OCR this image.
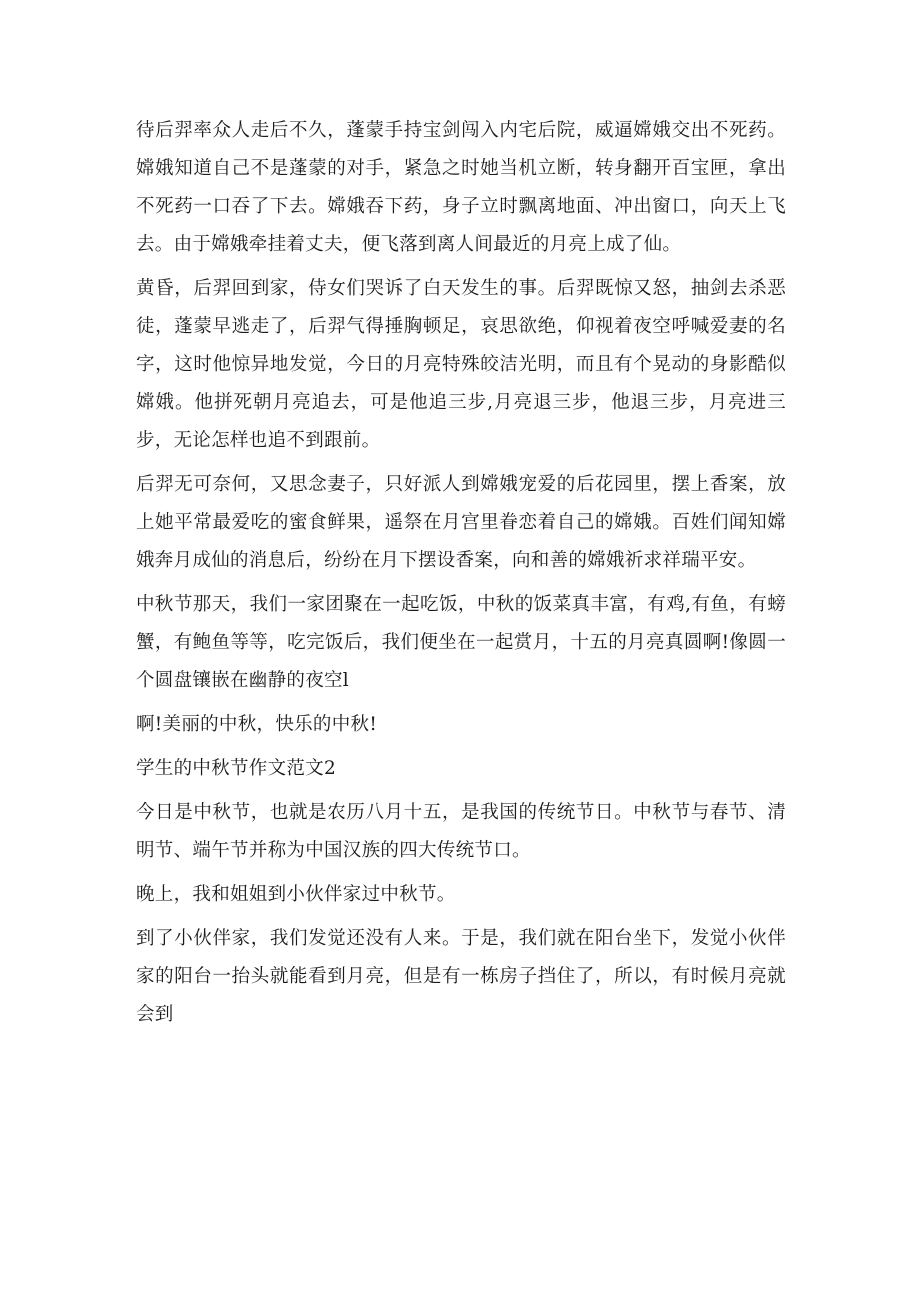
待后羿率众人走后不久，蓬蒙手持宝剑闯入内宅后院，威逼嫦娥交出不死药。嫦娥知道自己不是蓬蒙的对手，紧急之时她当机立断，转身翻开百宝匣，拿出不死药一口吞了下去。嫦娥吞下药，身子立时飘离地面、冲出窗口，向天上飞去。由于嫦娥牵挂着丈夫，便飞落到离人间最近的月亮上成了仙。

黄昏，后羿回到家，侍女们哭诉了白天发生的事。后羿既惊又怒，抽剑去杀恶徒，蓬蒙早逃走了，后羿气得捶胸顿足，哀思欲绝，仰视着夜空呼喊爱妻的名字，这时他惊异地发觉，今日的月亮特殊皎洁光明，而且有个晃动的身影酷似嫦娥。他拼死朝月亮追去，可是他追三步,月亮退三步，他退三步，月亮进三步，无论怎样也追不到跟前。

后羿无可奈何，又思念妻子，只好派人到嫦娥宠爱的后花园里，摆上香案，放上她平常最爱吃的蜜食鲜果，遥祭在月宫里眷恋着自己的嫦娥。百姓们闻知嫦娥奔月成仙的消息后，纷纷在月下摆设香案，向和善的嫦娥祈求祥瑞平安。

中秋节那天，我们一家团聚在一起吃饭，中秋的饭菜真丰富，有鸡,有鱼，有螃蟹，有鲍鱼等等，吃完饭后，我们便坐在一起赏月，十五的月亮真圆啊!像圆一个圆盘镶嵌在幽静的夜空l

啊!美丽的中秋，快乐的中秋!

学生的中秋节作文范文2

今日是中秋节，也就是农历八月十五，是我国的传统节日。中秋节与春节、清明节、端午节并称为中国汉族的四大传统节口。

晚上，我和姐姐到小伙伴家过中秋节。

到了小伙伴家，我们发觉还没有人来。于是，我们就在阳台坐下，发觉小伙伴家的阳台一抬头就能看到月亮，但是有一栋房子挡住了，所以，有时候月亮就会到
